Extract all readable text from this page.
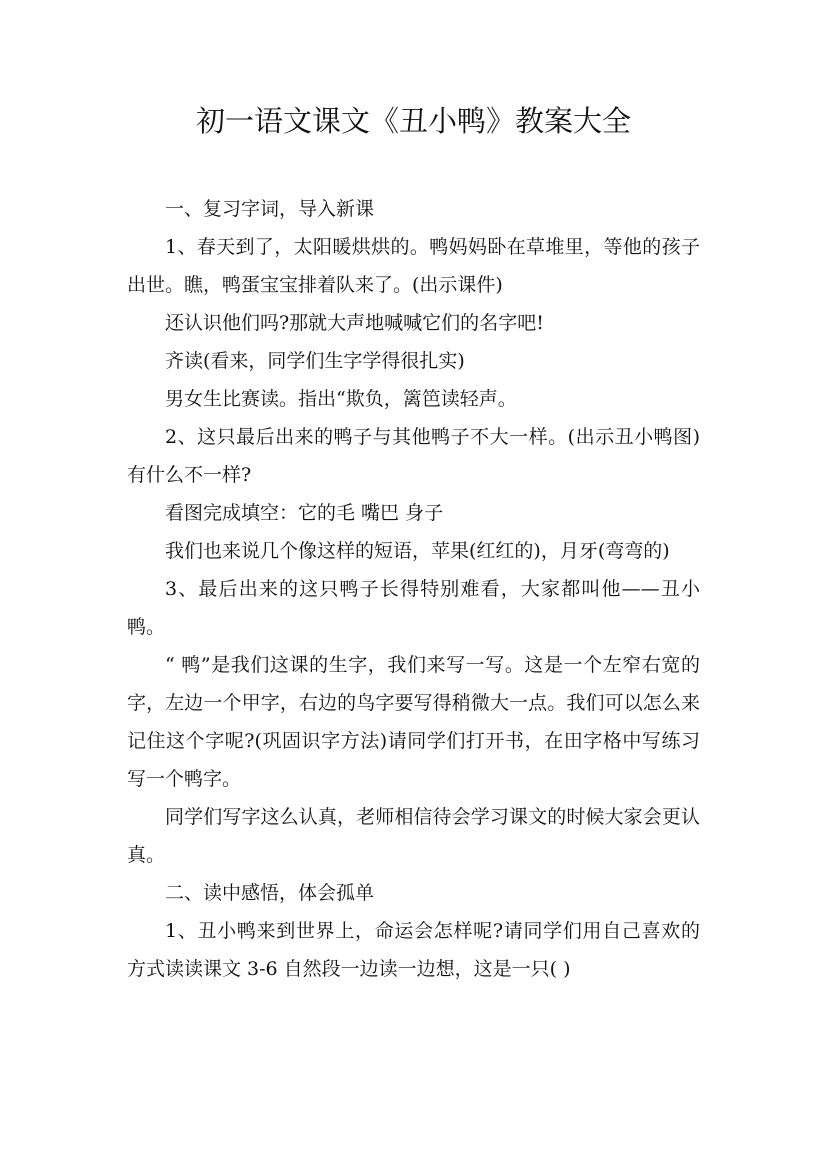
初一语文课文《丑小鸭》教案大全

一、复习字词，导入新课

1、春天到了，太阳暖烘烘的。鸭妈妈卧在草堆里，等他的孩子出世。瞧，鸭蛋宝宝排着队来了。(出示课件)

还认识他们吗?那就大声地喊喊它们的名字吧!

齐读(看来，同学们生字学得很扎实)

男女生比赛读。指出“欺负，篱笆读轻声。

2、这只最后出来的鸭子与其他鸭子不大一样。(出示丑小鸭图)有什么不一样?

看图完成填空：它的毛 嘴巴 身子

我们也来说几个像这样的短语，苹果(红红的)，月牙(弯弯的)

3、最后出来的这只鸭子长得特别难看，大家都叫他——丑小鸭。

“ 鸭”是我们这课的生字，我们来写一写。这是一个左窄右宽的字，左边一个甲字，右边的鸟字要写得稍微大一点。我们可以怎么来记住这个字呢?(巩固识字方法)请同学们打开书，在田字格中写练习写一个鸭字。

同学们写字这么认真，老师相信待会学习课文的时候大家会更认真。

二、读中感悟，体会孤单

1、丑小鸭来到世界上，命运会怎样呢?请同学们用自己喜欢的方式读读课文 3-6 自然段一边读一边想，这是一只( )
